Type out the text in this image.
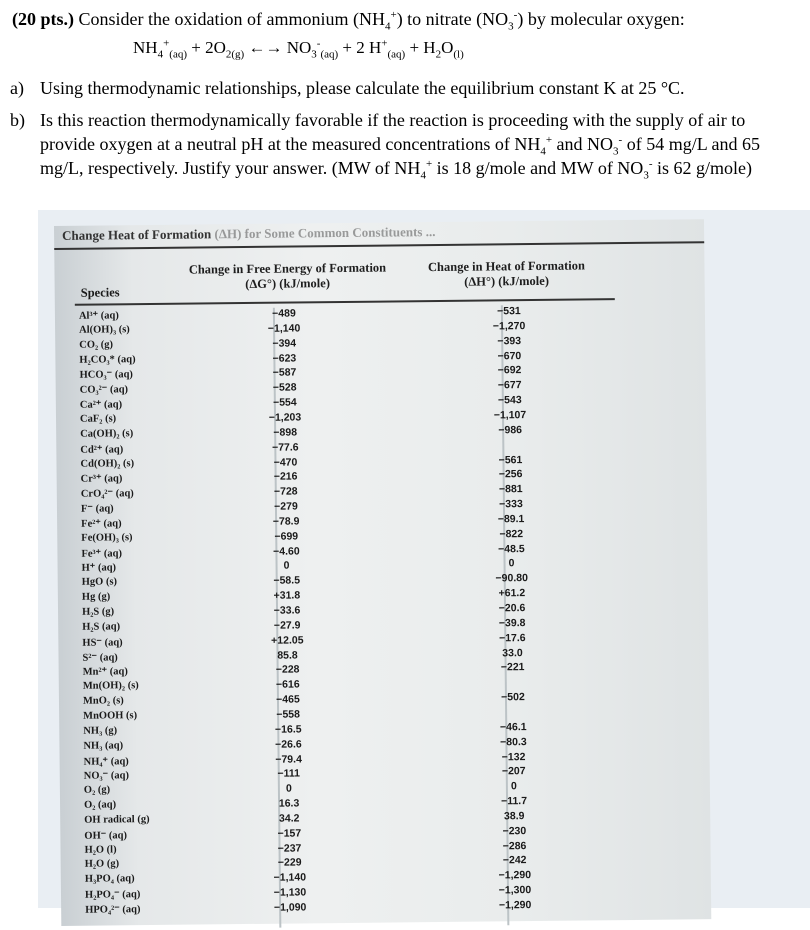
(20 pts.) Consider the oxidation of ammonium $(NH_4^+)$ to nitrate $(NO_3^-)$ by molecular oxygen:

$NH_4^+_{(aq)} + 2O_{2(g)}$ ←→ $NO_3^-_{(aq)} + 2$ $H^+_{(aq)} + H_2O_{(l)}$
a) Using thermodynamic relationships, please calculate the equilibrium constant K at 25 °C.
b) Is this reaction thermodynamically favorable if the reaction is proceeding with the supply of air to provide oxygen at a neutral pH at the measured concentrations of $NH_4^+$ and $NO_3^-$ of 54 mg/L and 65 mg/L, respectively. Justify your answer. (MW of $NH_4^+$ is 18 g/mole and MW of $NO_3^-$ is 62 g/mole)
Change Heat of Formation (ΔH) for Some Common Constituents ...
Change in Free Energy of Formation
(ΔG°) (kJ/mole)
Change in Heat of Formation
(ΔH°) (kJ/mole)
Species
Al³⁺ (aq)	−489	−531
Al(OH)₃ (s)	−1,140	−1,270
CO₂ (g)	−394	−393
H₂CO₃* (aq)	−623	−670
HCO₃⁻ (aq)	−587	−692
CO₃²⁻ (aq)	−528	−677
Ca²⁺ (aq)	−554	−543
CaF₂ (s)	−1,203	−1,107
Ca(OH)₂ (s)	−898	−986
Cd²⁺ (aq)	−77.6
Cd(OH)₂ (s)	−470	−561
Cr³⁺ (aq)	−216	−256
CrO₄²⁻ (aq)	−728	−881
F⁻ (aq)	−279	−333
Fe²⁺ (aq)	−78.9	−89.1
Fe(OH)₃ (s)	−699	−822
Fe³⁺ (aq)	−4.60	−48.5
H⁺ (aq)	0	0
HgO (s)	−58.5	−90.80
Hg (g)	+31.8	+61.2
H₂S (g)	−33.6	−20.6
H₂S (aq)	−27.9	−39.8
HS⁻ (aq)	+12.05	−17.6
S²⁻ (aq)	85.8	33.0
Mn²⁺ (aq)	−228	−221
Mn(OH)₂ (s)	−616
MnO₂ (s)	−465	−502
MnOOH (s)	−558
NH₃ (g)	−16.5	−46.1
NH₃ (aq)	−26.6	−80.3
NH₄⁺ (aq)	−79.4	−132
NO₃⁻ (aq)	−111	−207
O₂ (g)	0	0
O₂ (aq)	16.3	−11.7
OH radical (g)	34.2	38.9
OH⁻ (aq)	−157	−230
H₂O (l)	−237	−286
H₂O (g)	−229	−242
H₃PO₄ (aq)	−1,140	−1,290
H₂PO₄⁻ (aq)	−1,130	−1,300
HPO₄²⁻ (aq)	−1,090	−1,290
